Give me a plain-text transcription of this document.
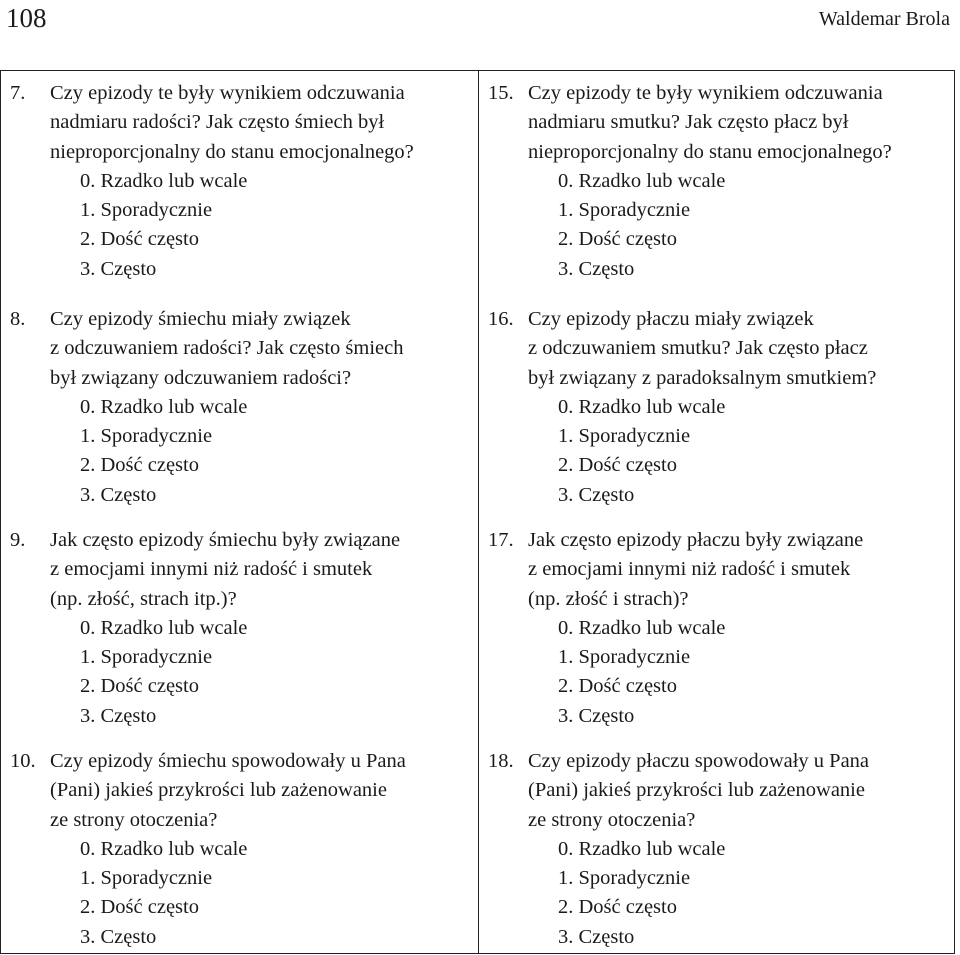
108	Waldemar Brola
7.	Czy epizody te były wynikiem odczuwania
nadmiaru radości? Jak często śmiech był
nieproporcjonalny do stanu emocjonalnego?
0. Rzadko lub wcale
1. Sporadycznie
2. Dość często
3. Często
15. Czy epizody te były wynikiem odczuwania
nadmiaru smutku? Jak często płacz był
nieproporcjonalny do stanu emocjonalnego?
0. Rzadko lub wcale
1. Sporadycznie
2. Dość często
3. Często
8.	Czy epizody śmiechu miały związek
z odczuwaniem radości? Jak często śmiech
był związany odczuwaniem radości?
0. Rzadko lub wcale
1. Sporadycznie
2. Dość często
3. Często
16. Czy epizody płaczu miały związek
z odczuwaniem smutku? Jak często płacz
był związany z paradoksalnym smutkiem?
0. Rzadko lub wcale
1. Sporadycznie
2. Dość często
3. Często
9.	Jak często epizody śmiechu były związane
z emocjami innymi niż radość i smutek
(np. złość, strach itp.)?
0. Rzadko lub wcale
1. Sporadycznie
2. Dość często
3. Często
17. Jak często epizody płaczu były związane
z emocjami innymi niż radość i smutek
(np. złość i strach)?
0. Rzadko lub wcale
1. Sporadycznie
2. Dość często
3. Często
10. Czy epizody śmiechu spowodowały u Pana
(Pani) jakieś przykrości lub zażenowanie
ze strony otoczenia?
0. Rzadko lub wcale
1. Sporadycznie
2. Dość często
3. Często
18. Czy epizody płaczu spowodowały u Pana
(Pani) jakieś przykrości lub zażenowanie
ze strony otoczenia?
0. Rzadko lub wcale
1. Sporadycznie
2. Dość często
3. Często
